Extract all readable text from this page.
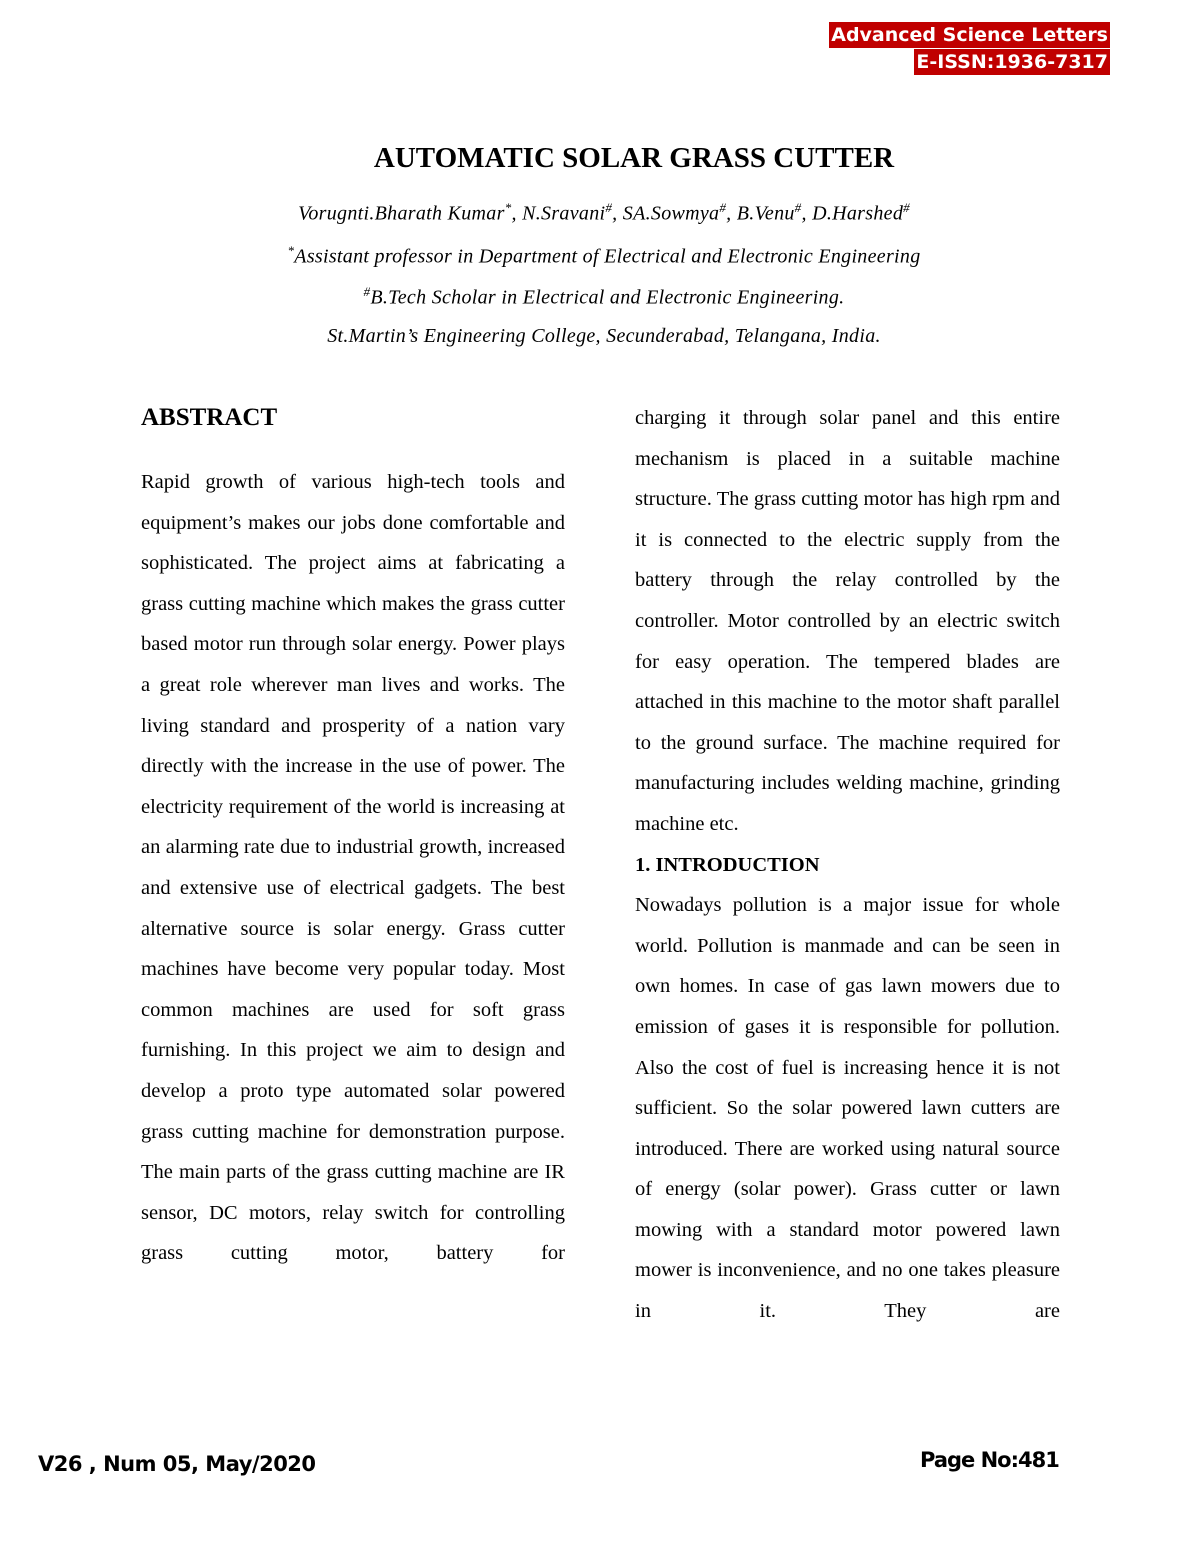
Advanced Science Letters
E-ISSN:1936-7317
AUTOMATIC SOLAR GRASS CUTTER
Vorugnti.Bharath Kumar*, N.Sravani#, SA.Sowmya#, B.Venu#, D.Harshed#
*Assistant professor in Department of Electrical and Electronic Engineering
#B.Tech Scholar in Electrical and Electronic Engineering.
St.Martin’s Engineering College, Secunderabad, Telangana, India.
ABSTRACT

Rapid growth of various high-tech tools and equipment’s makes our jobs done comfortable and sophisticated. The project aims at fabricating a grass cutting machine which makes the grass cutter based motor run through solar energy. Power plays a great role wherever man lives and works. The living standard and prosperity of a nation vary directly with the increase in the use of power. The electricity requirement of the world is increasing at an alarming rate due to industrial growth, increased and extensive use of electrical gadgets. The best alternative source is solar energy. Grass cutter machines have become very popular today. Most common machines are used for soft grass furnishing. In this project we aim to design and develop a proto type automated solar powered grass cutting machine for demonstration purpose. The main parts of the grass cutting machine are IR sensor, DC motors, relay switch for controlling grass cutting motor, battery for

charging it through solar panel and this entire mechanism is placed in a suitable machine structure. The grass cutting motor has high rpm and it is connected to the electric supply from the battery through the relay controlled by the controller. Motor controlled by an electric switch for easy operation. The tempered blades are attached in this machine to the motor shaft parallel to the ground surface. The machine required for manufacturing includes welding machine, grinding machine etc.

1. INTRODUCTION

Nowadays pollution is a major issue for whole world. Pollution is manmade and can be seen in own homes. In case of gas lawn mowers due to emission of gases it is responsible for pollution. Also the cost of fuel is increasing hence it is not sufficient. So the solar powered lawn cutters are introduced. There are worked using natural source of energy (solar power). Grass cutter or lawn mowing with a standard motor powered lawn mower is inconvenience, and no one takes pleasure in it. They are

V26 , Num 05, May/2020	Page No:481
